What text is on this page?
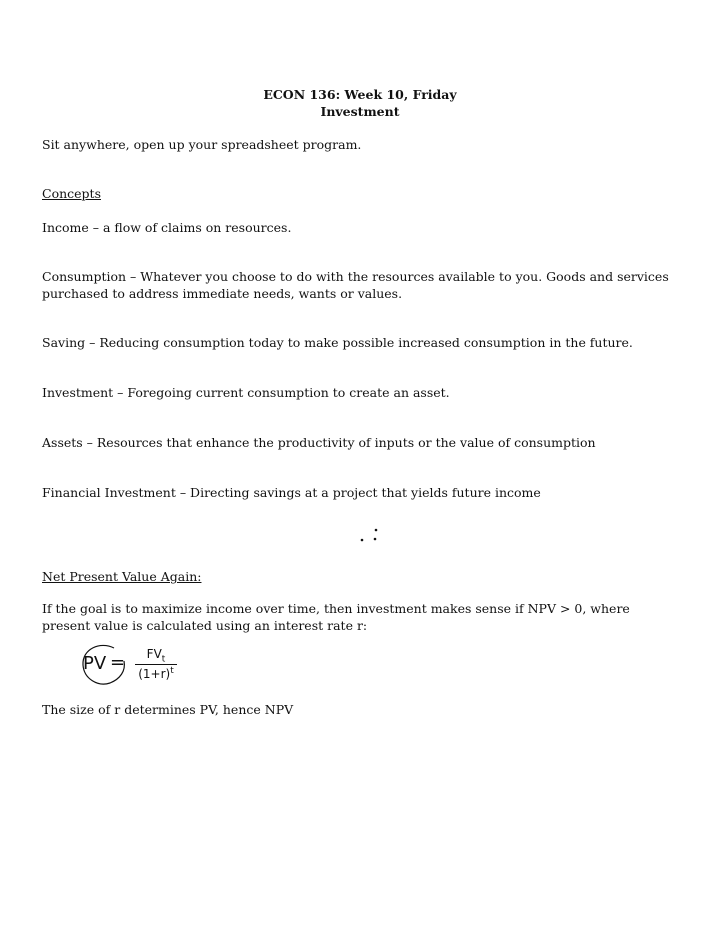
ECON 136: Week 10, Friday
Investment

Sit anywhere, open up your spreadsheet program.

Concepts

Income – a flow of claims on resources.

Consumption – Whatever you choose to do with the resources available to you. Goods and services purchased to address immediate needs, wants or values.

Saving – Reducing consumption today to make possible increased consumption in the future.

Investment – Foregoing current consumption to create an asset.

Assets – Resources that enhance the productivity of inputs or the value of consumption

Financial Investment – Directing savings at a project that yields future income

Net Present Value Again:

If the goal is to maximize income over time, then investment makes sense if NPV > 0, where present value is calculated using an interest rate r:

PV =	$FV_t$
$(1+r)^t$

The size of r determines PV, hence NPV
